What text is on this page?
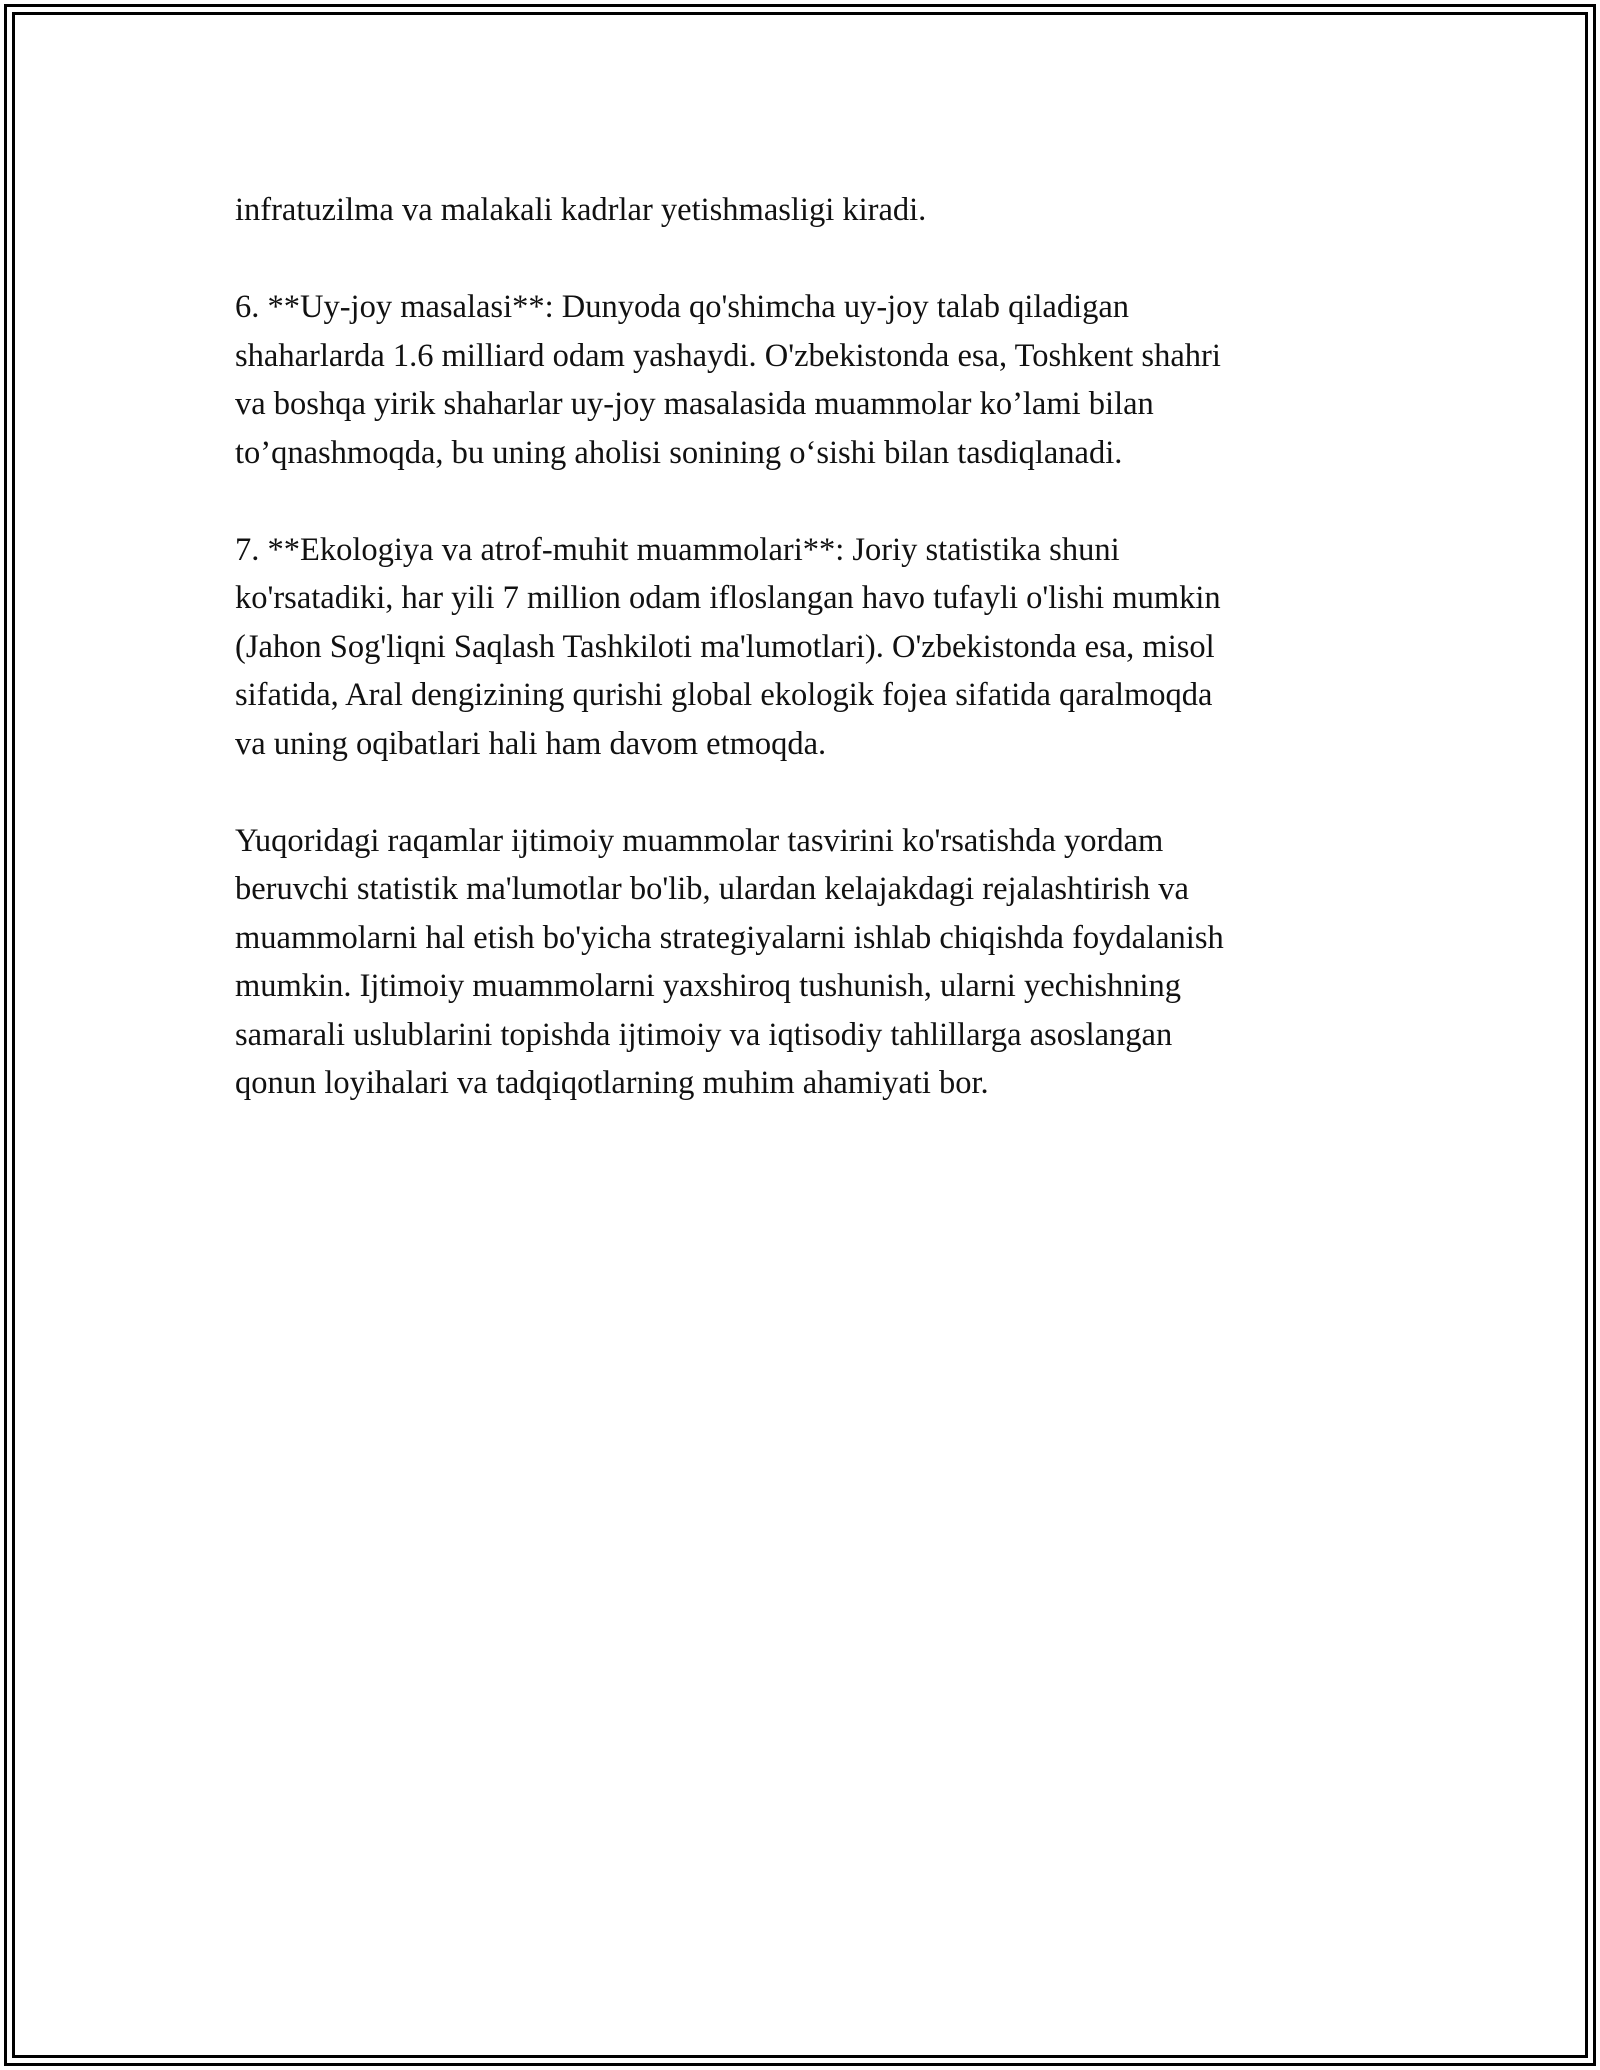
infratuzilma va malakali kadrlar yetishmasligi kiradi.

6. **Uy-joy masalasi**: Dunyoda qo'shimcha uy-joy talab qiladigan
shaharlarda 1.6 milliard odam yashaydi. O'zbekistonda esa, Toshkent shahri
va boshqa yirik shaharlar uy-joy masalasida muammolar ko’lami bilan
to’qnashmoqda, bu uning aholisi sonining o‘sishi bilan tasdiqlanadi.

7. **Ekologiya va atrof-muhit muammolari**: Joriy statistika shuni
ko'rsatadiki, har yili 7 million odam ifloslangan havo tufayli o'lishi mumkin
(Jahon Sog'liqni Saqlash Tashkiloti ma'lumotlari). O'zbekistonda esa, misol
sifatida, Aral dengizining qurishi global ekologik fojea sifatida qaralmoqda
va uning oqibatlari hali ham davom etmoqda.

Yuqoridagi raqamlar ijtimoiy muammolar tasvirini ko'rsatishda yordam
beruvchi statistik ma'lumotlar bo'lib, ulardan kelajakdagi rejalashtirish va
muammolarni hal etish bo'yicha strategiyalarni ishlab chiqishda foydalanish
mumkin. Ijtimoiy muammolarni yaxshiroq tushunish, ularni yechishning
samarali uslublarini topishda ijtimoiy va iqtisodiy tahlillarga asoslangan
qonun loyihalari va tadqiqotlarning muhim ahamiyati bor.
